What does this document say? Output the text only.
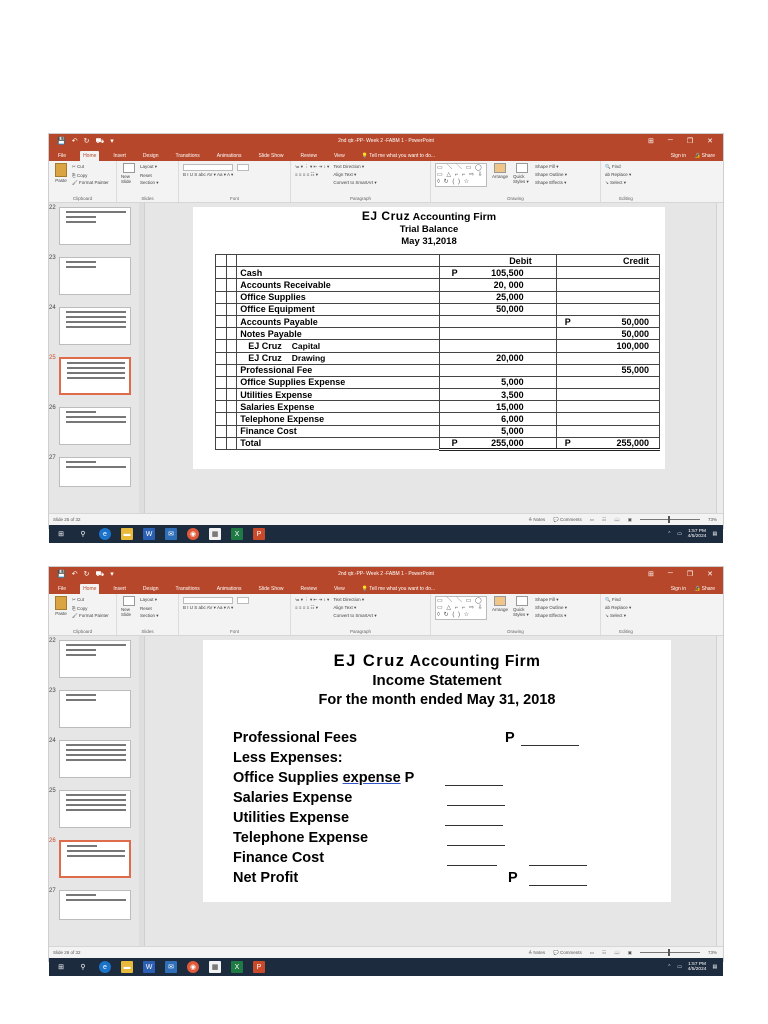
💾 ↶ ↻ ⛟ ▾	2nd qtr.-PP- Week 2 -FABM 1 - PowerPoint	⊞ ─ ❐ ✕
File	Home	Insert	Design	Transitions	Animations	Slide Show	Review	View	💡 Tell me what you want to do...	Sign in 🔏 Share
Paste
✂ Cut
⎘ Copy
🖌 Format Painter
Clipboard
New Slide
Layout ▾
Reset
Section ▾
Slides
B I U S abc AV ▾ Aa ▾ A ▾
Font
≔ ▾ ⋮ ▾ ⇤ ⇥ ↕ ▾
≡ ≡ ≡ ≡ ☷ ▾
Text Direction ▾
Align Text ▾
Convert to SmartArt ▾
Paragraph
▭ ＼ ＼ ▭ ◯ ▭ △ ⌐ ⌐ ⇨ ⇩ ◊ ↻ ( ) ☆
Arrange Quick Styles ▾
Shape Fill ▾
Shape Outline ▾
Shape Effects ▾
Drawing
🔍 Find
ab Replace ▾
↘ Select ▾
Editing
22
23
24
25
26
27
EJ Cruz Accounting Firm
Trial Balance
May 31,2018
			Debit	Credit
		Cash	P 105,500	
		Accounts Receivable	20, 000	
		Office Supplies	25,000	
		Office Equipment	50,000	
		Accounts Payable		P 50,000
		Notes Payable		50,000
		EJ Cruz Capital		100,000
		EJ Cruz Drawing	20,000	
		Professional Fee		55,000
		Office Supplies Expense	5,000	
		Utilities Expense	3,500	
		Salaries Expense	15,000	
		Telephone Expense	6,000	
		Finance Cost	5,000	
		Total	P 255,000	P 255,000
Slide 25 of 32	≜ Notes 💬 Comments ▭ ☷ 📖 ▣	73%
⊞	⚲	e	▬	W	✉	◉	▦	X	P	⌃ ▭
1:57 PM
4/5/2024 ▤
💾 ↶ ↻ ⛟ ▾	2nd qtr.-PP- Week 2 -FABM 1 - PowerPoint	⊞ ─ ❐ ✕
File	Home	Insert	Design	Transitions	Animations	Slide Show	Review	View	💡 Tell me what you want to do...	Sign in 🔏 Share
Paste
✂ Cut
⎘ Copy
🖌 Format Painter
Clipboard
New Slide
Layout ▾
Reset
Section ▾
Slides
B I U S abc AV ▾ Aa ▾ A ▾
Font
≔ ▾ ⋮ ▾ ⇤ ⇥ ↕ ▾
≡ ≡ ≡ ≡ ☷ ▾
Text Direction ▾
Align Text ▾
Convert to SmartArt ▾
Paragraph
▭ ＼ ＼ ▭ ◯ ▭ △ ⌐ ⌐ ⇨ ⇩ ◊ ↻ ( ) ☆
Arrange Quick Styles ▾
Shape Fill ▾
Shape Outline ▾
Shape Effects ▾
Drawing
🔍 Find
ab Replace ▾
↘ Select ▾
Editing
22
23
24
25
26
27
EJ Cruz Accounting Firm
Income Statement
For the month ended May 31, 2018
Professional Fees	P
Less Expenses:
Office Supplies expense P
Salaries Expense
Utilities Expense
Telephone Expense
Finance Cost
Net Profit	P
Slide 26 of 32	≜ Notes 💬 Comments ▭ ☷ 📖 ▣	73%
⊞	⚲	e	▬	W	✉	◉	▦	X	P	⌃ ▭
1:57 PM
4/5/2024 ▤
